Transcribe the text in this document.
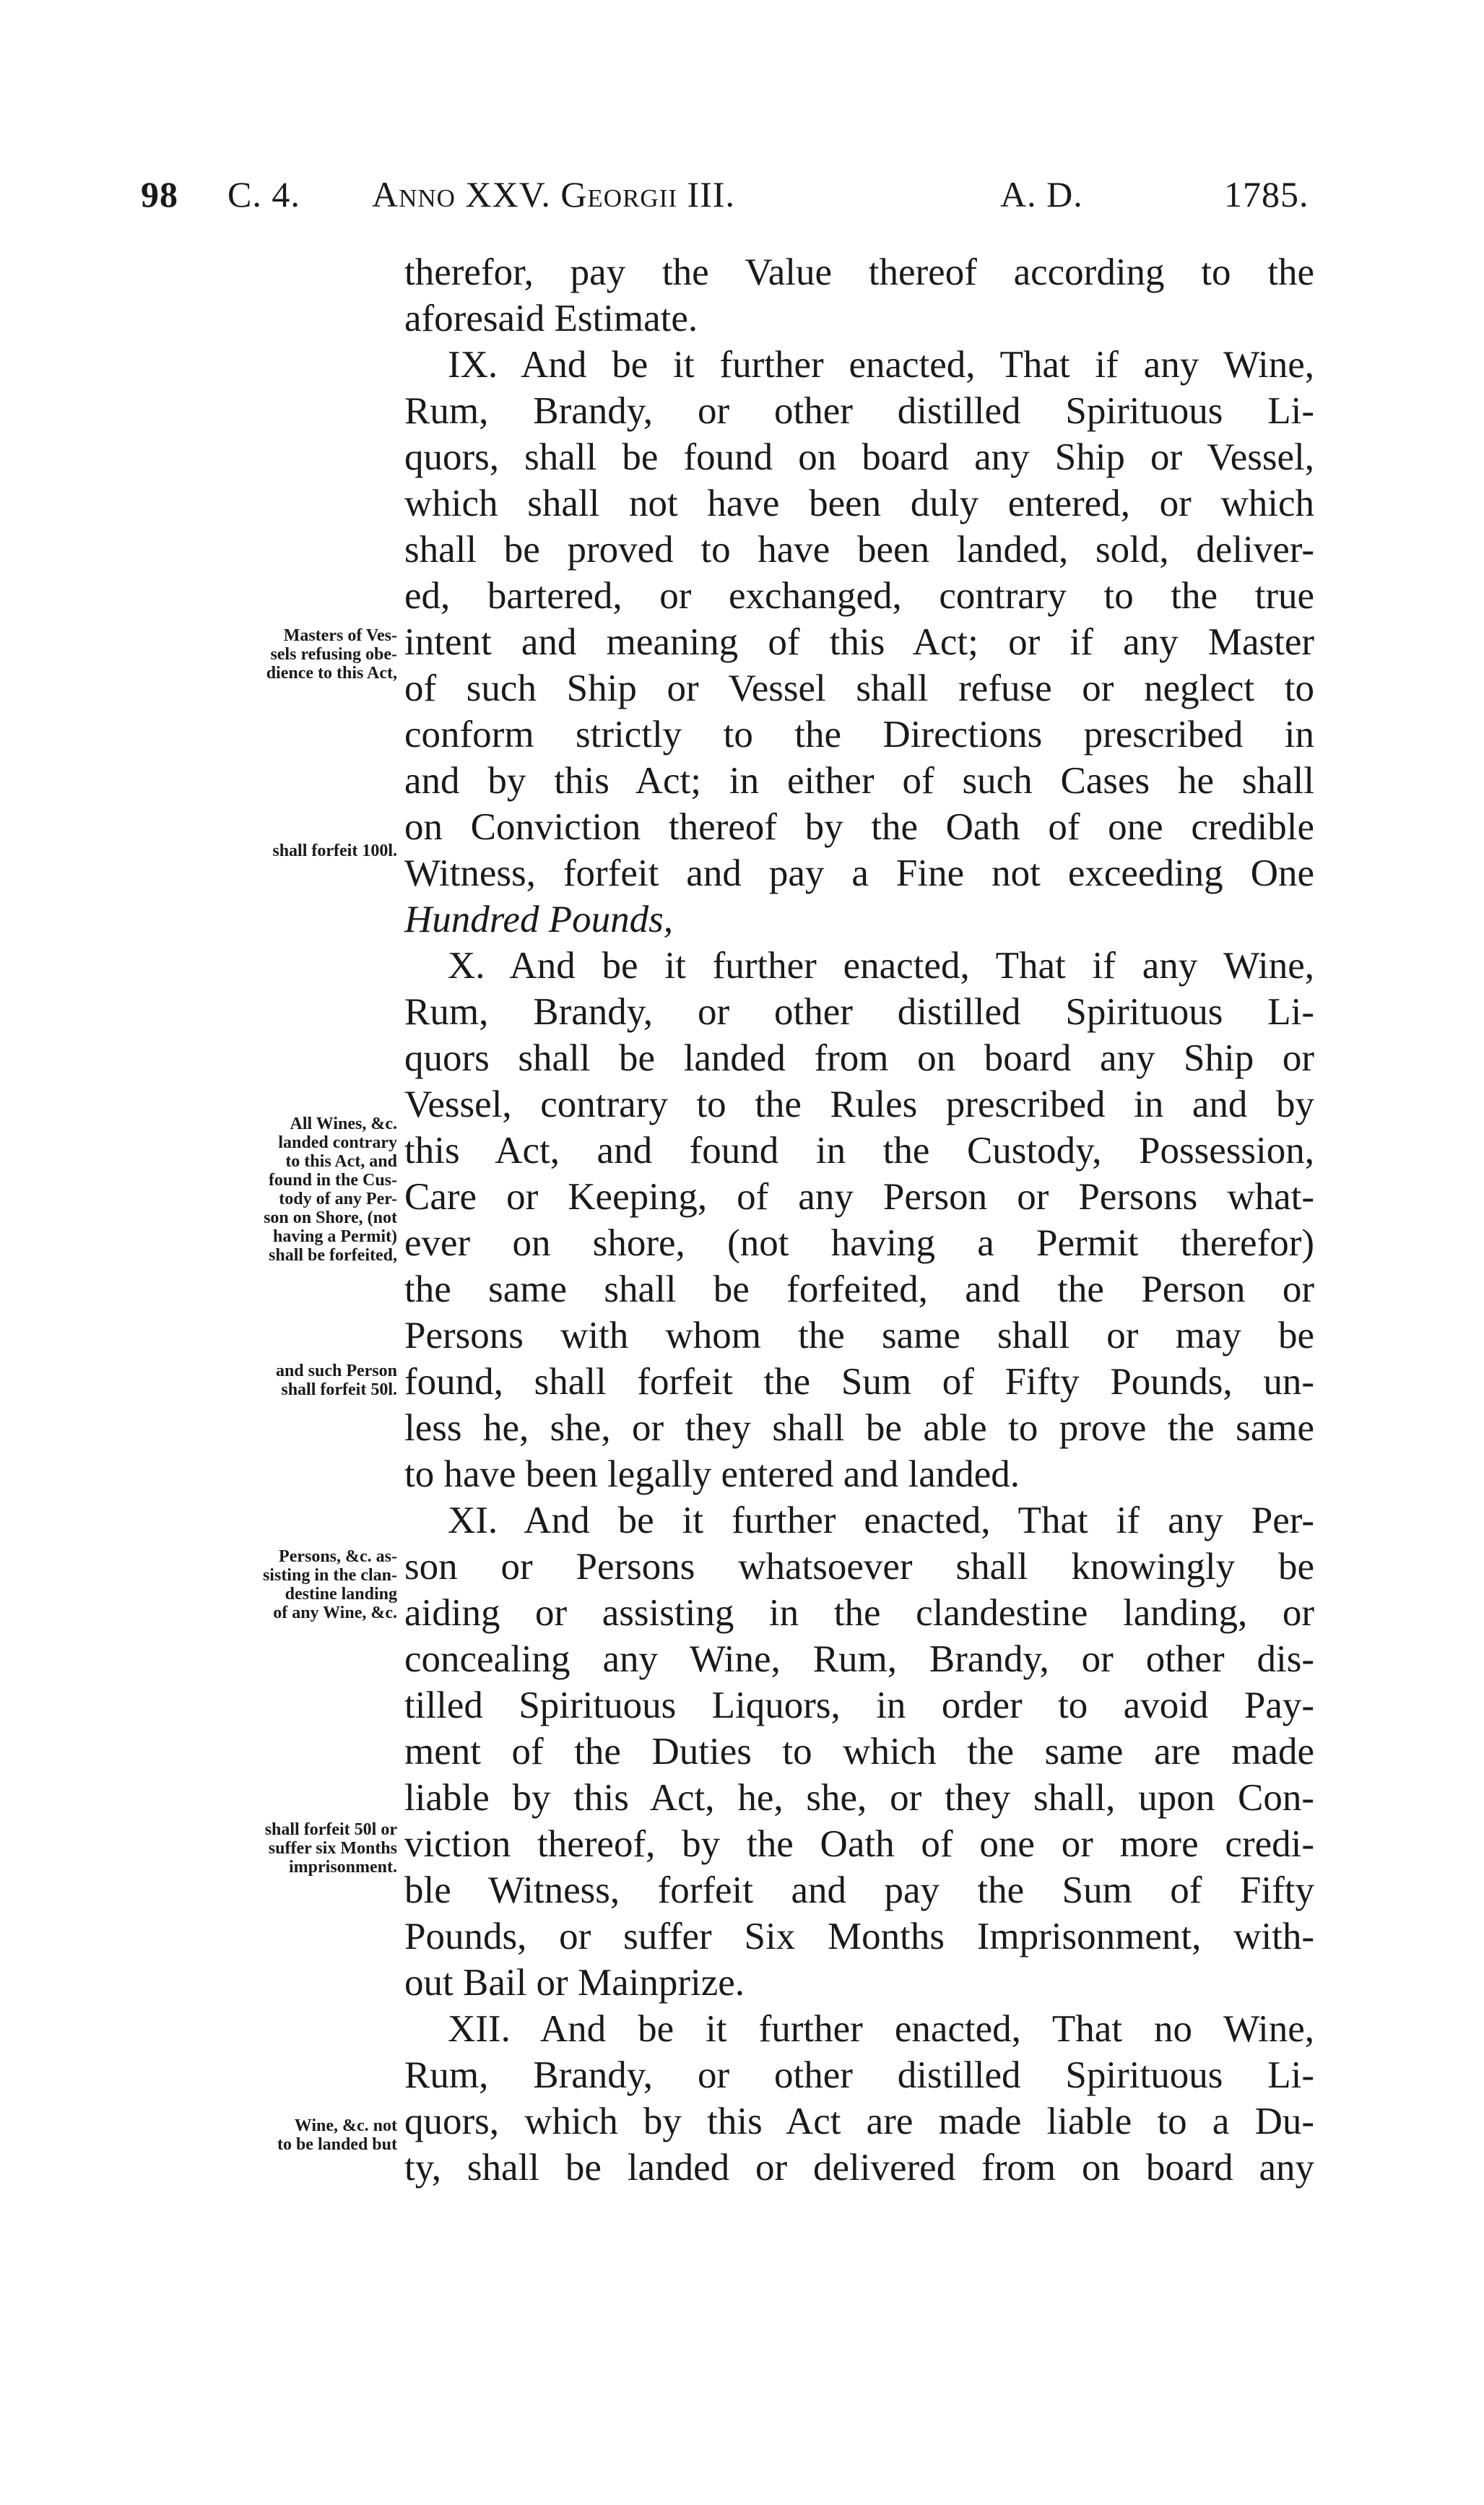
98 C. 4. Anno XXV. Georgii III.	A. D.	1785.
therefor, pay the Value thereof according to the
aforesaid Estimate.
IX. And be it further enacted, That if any Wine,
Rum, Brandy, or other distilled Spirituous Li-
quors, shall be found on board any Ship or Vessel,
which shall not have been duly entered, or which
shall be proved to have been landed, sold, deliver-
ed, bartered, or exchanged, contrary to the true
intent and meaning of this Act; or if any Master
of such Ship or Vessel shall refuse or neglect to
conform strictly to the Directions prescribed in
and by this Act; in either of such Cases he shall
on Conviction thereof by the Oath of one credible
Witness, forfeit and pay a Fine not exceeding One
Hundred Pounds,
X. And be it further enacted, That if any Wine,
Rum, Brandy, or other distilled Spirituous Li-
quors shall be landed from on board any Ship or
Vessel, contrary to the Rules prescribed in and by
this Act, and found in the Custody, Possession,
Care or Keeping, of any Person or Persons what-
ever on shore, (not having a Permit therefor)
the same shall be forfeited, and the Person or
Persons with whom the same shall or may be
found, shall forfeit the Sum of Fifty Pounds, un-
less he, she, or they shall be able to prove the same
to have been legally entered and landed.
XI. And be it further enacted, That if any Per-
son or Persons whatsoever shall knowingly be
aiding or assisting in the clandestine landing, or
concealing any Wine, Rum, Brandy, or other dis-
tilled Spirituous Liquors, in order to avoid Pay-
ment of the Duties to which the same are made
liable by this Act, he, she, or they shall, upon Con-
viction thereof, by the Oath of one or more credi-
ble Witness, forfeit and pay the Sum of Fifty
Pounds, or suffer Six Months Imprisonment, with-
out Bail or Mainprize.
XII. And be it further enacted, That no Wine,
Rum, Brandy, or other distilled Spirituous Li-
quors, which by this Act are made liable to a Du-
ty, shall be landed or delivered from on board any
Masters of Ves-
sels refusing obe-
dience to this Act,
shall forfeit 100l.
All Wines, &c.
landed contrary
to this Act, and
found in the Cus-
tody of any Per-
son on Shore, (not
having a Permit)
shall be forfeited,
and such Person
shall forfeit 50l.
Persons, &c. as-
sisting in the clan-
destine landing
of any Wine, &c.
shall forfeit 50l or
suffer six Months
imprisonment.
Wine, &c. not
to be landed but
